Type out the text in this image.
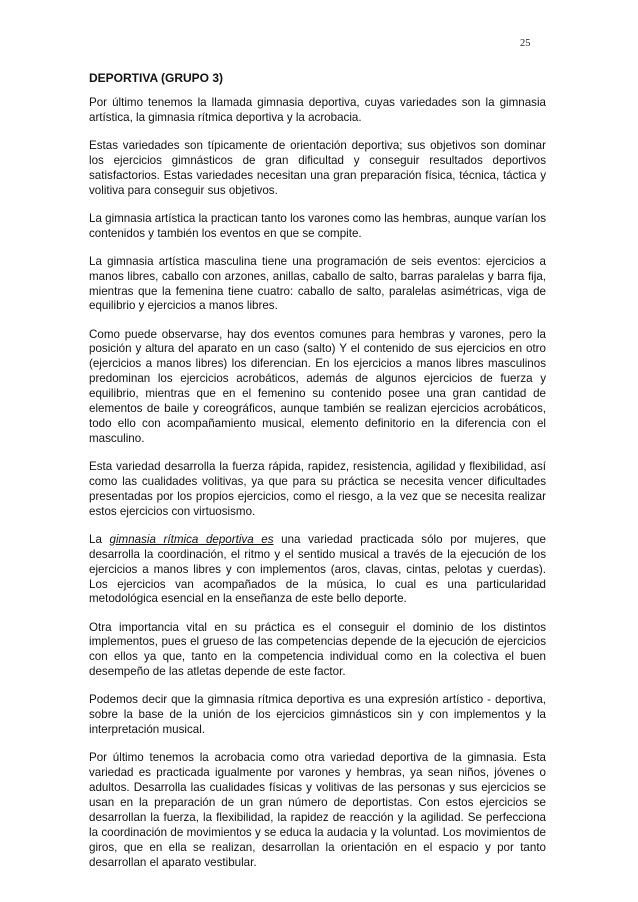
25
DEPORTIVA (GRUPO 3)

Por último tenemos la llamada gimnasia deportiva, cuyas variedades son la gimnasia artística, la gimnasia rítmica deportiva y la acrobacia.

Estas variedades son típicamente de orientación deportiva; sus objetivos son dominar los ejercicios gimnásticos de gran dificultad y conseguir resultados deportivos satisfactorios. Estas variedades necesitan una gran preparación física, técnica, táctica y volitiva para conseguir sus objetivos.

La gimnasia artística la practican tanto los varones como las hembras, aunque varían los contenidos y también los eventos en que se compite.

La gimnasia artística masculina tiene una programación de seis eventos: ejercicios a manos libres, caballo con arzones, anillas, caballo de salto, barras paralelas y barra fija, mientras que la femenina tiene cuatro: caballo de salto, paralelas asimétricas, viga de equilibrio y ejercicios a manos libres.

Como puede observarse, hay dos eventos comunes para hembras y varones, pero la posición y altura del aparato en un caso (salto) Y el contenido de sus ejercicios en otro (ejercicios a manos libres) los diferencian. En los ejercicios a manos libres masculinos predominan los ejercicios acrobáticos, además de algunos ejercicios de fuerza y equilibrio, mientras que en el femenino su contenido posee una gran cantidad de elementos de baile y coreográficos, aunque también se realizan ejercicios acrobáticos, todo ello con acompañamiento musical, elemento definitorio en la diferencia con el masculino.

Esta variedad desarrolla la fuerza rápida, rapidez, resistencia, agilidad y flexibilidad, así como las cualidades volitivas, ya que para su práctica se necesita vencer dificultades presentadas por los propios ejercicios, como el riesgo, a la vez que se necesita realizar estos ejercicios con virtuosismo.

La gimnasia rítmica deportiva es una variedad practicada sólo por mujeres, que desarrolla la coordinación, el ritmo y el sentido musical a través de la ejecución de los ejercicios a manos libres y con implementos (aros, clavas, cintas, pelotas y cuerdas). Los ejercicios van acompañados de la música, lo cual es una particularidad metodológica esencial en la enseñanza de este bello deporte.

Otra importancia vital en su práctica es el conseguir el dominio de los distintos implementos, pues el grueso de las competencias depende de la ejecución de ejercicios con ellos ya que, tanto en la competencia individual como en la colectiva el buen desempeño de las atletas depende de este factor.

Podemos decir que la gimnasia rítmica deportiva es una expresión artístico - deportiva, sobre la base de la unión de los ejercicios gimnásticos sin y con implementos y la interpretación musical.

Por último tenemos la acrobacia como otra variedad deportiva de la gimnasia. Esta variedad es practicada igualmente por varones y hembras, ya sean niños, jóvenes o adultos. Desarrolla las cualidades físicas y volitivas de las personas y sus ejercicios se usan en la preparación de un gran número de deportistas. Con estos ejercicios se desarrollan la fuerza, la flexibilidad, la rapidez de reacción y la agilidad. Se perfecciona la coordinación de movimientos y se educa la audacia y la voluntad. Los movimientos de giros, que en ella se realizan, desarrollan la orientación en el espacio y por tanto desarrollan el aparato vestibular.
